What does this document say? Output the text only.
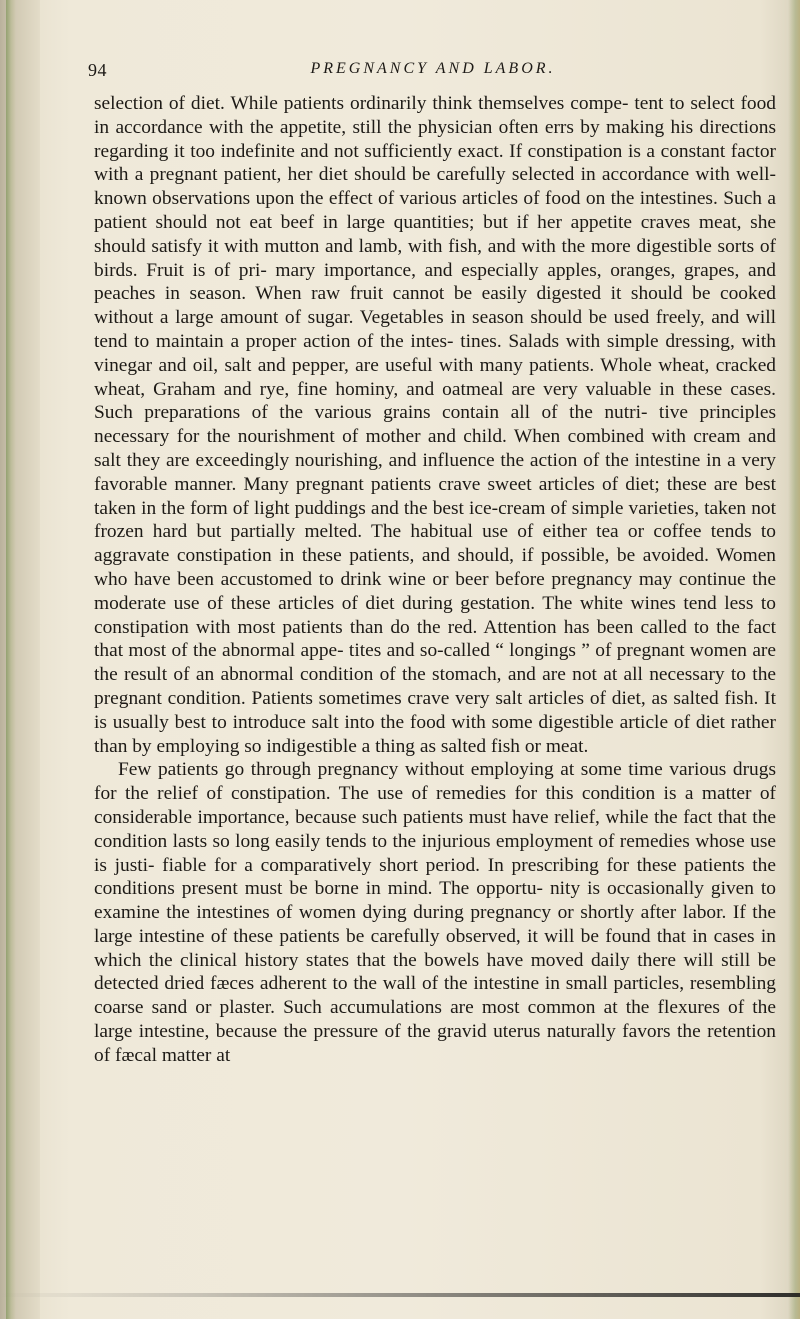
94	PREGNANCY AND LABOR.

selection of diet. While patients ordinarily think themselves compe- tent to select food in accordance with the appetite, still the physician often errs by making his directions regarding it too indefinite and not sufficiently exact. If constipation is a constant factor with a pregnant patient, her diet should be carefully selected in accordance with well- known observations upon the effect of various articles of food on the intestines. Such a patient should not eat beef in large quantities; but if her appetite craves meat, she should satisfy it with mutton and lamb, with fish, and with the more digestible sorts of birds. Fruit is of pri- mary importance, and especially apples, oranges, grapes, and peaches in season. When raw fruit cannot be easily digested it should be cooked without a large amount of sugar. Vegetables in season should be used freely, and will tend to maintain a proper action of the intes- tines. Salads with simple dressing, with vinegar and oil, salt and pepper, are useful with many patients. Whole wheat, cracked wheat, Graham and rye, fine hominy, and oatmeal are very valuable in these cases. Such preparations of the various grains contain all of the nutri- tive principles necessary for the nourishment of mother and child. When combined with cream and salt they are exceedingly nourishing, and influence the action of the intestine in a very favorable manner. Many pregnant patients crave sweet articles of diet; these are best taken in the form of light puddings and the best ice-cream of simple varieties, taken not frozen hard but partially melted. The habitual use of either tea or coffee tends to aggravate constipation in these patients, and should, if possible, be avoided. Women who have been accustomed to drink wine or beer before pregnancy may continue the moderate use of these articles of diet during gestation. The white wines tend less to constipation with most patients than do the red. Attention has been called to the fact that most of the abnormal appe- tites and so-called “ longings ” of pregnant women are the result of an abnormal condition of the stomach, and are not at all necessary to the pregnant condition. Patients sometimes crave very salt articles of diet, as salted fish. It is usually best to introduce salt into the food with some digestible article of diet rather than by employing so indigestible a thing as salted fish or meat.

Few patients go through pregnancy without employing at some time various drugs for the relief of constipation. The use of remedies for this condition is a matter of considerable importance, because such patients must have relief, while the fact that the condition lasts so long easily tends to the injurious employment of remedies whose use is justi- fiable for a comparatively short period. In prescribing for these patients the conditions present must be borne in mind. The opportu- nity is occasionally given to examine the intestines of women dying during pregnancy or shortly after labor. If the large intestine of these patients be carefully observed, it will be found that in cases in which the clinical history states that the bowels have moved daily there will still be detected dried fæces adherent to the wall of the intestine in small particles, resembling coarse sand or plaster. Such accumulations are most common at the flexures of the large intestine, because the pressure of the gravid uterus naturally favors the retention of fæcal matter at
